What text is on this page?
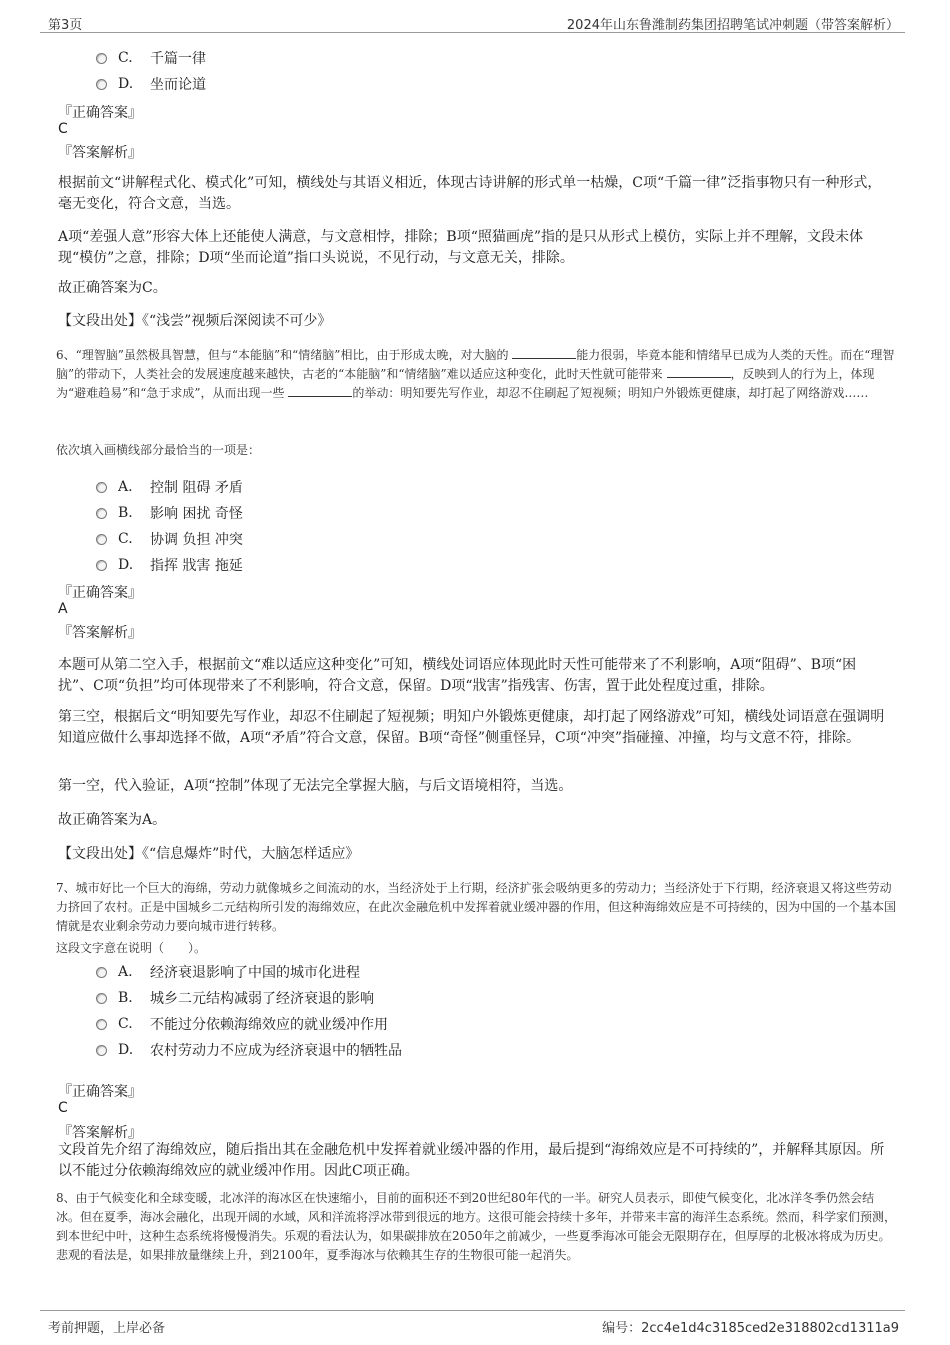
第3页	2024年山东鲁潍制药集团招聘笔试冲刺题（带答案解析）
C.	千篇一律
D.	坐而论道
『正确答案』
C
『答案解析』
根据前文“讲解程式化、模式化”可知，横线处与其语义相近，体现古诗讲解的形式单一枯燥，C项“千篇一律”泛指事物只有一种形式，毫无变化，符合文意，当选。
A项“差强人意”形容大体上还能使人满意，与文意相悖，排除；B项“照猫画虎”指的是只从形式上模仿，实际上并不理解，文段未体现“模仿”之意，排除；D项“坐而论道”指口头说说，不见行动，与文意无关，排除。
故正确答案为C。
【文段出处】《“浅尝”视频后深阅读不可少》
6、“理智脑”虽然极具智慧，但与“本能脑”和“情绪脑”相比，由于形成太晚，对大脑的	能力很弱，毕竟本能和情绪早已成为人类的天性。而在“理智脑”的带动下，人类社会的发展速度越来越快，古老的“本能脑”和“情绪脑”难以适应这种变化，此时天性就可能带来	，反映到人的行为上，体现为“避难趋易”和“急于求成”，从而出现一些	的举动：明知要先写作业，却忍不住刷起了短视频；明知户外锻炼更健康，却打起了网络游戏……
依次填入画横线部分最恰当的一项是：
A.	控制 阻碍 矛盾
B.	影响 困扰 奇怪
C.	协调 负担 冲突
D.	指挥 戕害 拖延
『正确答案』
A
『答案解析』
本题可从第二空入手，根据前文“难以适应这种变化”可知，横线处词语应体现此时天性可能带来了不利影响，A项“阻碍”、B项“困扰”、C项“负担”均可体现带来了不利影响，符合文意，保留。D项“戕害”指残害、伤害，置于此处程度过重，排除。
第三空，根据后文“明知要先写作业，却忍不住刷起了短视频；明知户外锻炼更健康，却打起了网络游戏”可知，横线处词语意在强调明知道应做什么事却选择不做，A项“矛盾”符合文意，保留。B项“奇怪”侧重怪异，C项“冲突”指碰撞、冲撞，均与文意不符，排除。
第一空，代入验证，A项“控制”体现了无法完全掌握大脑，与后文语境相符，当选。
故正确答案为A。
【文段出处】《“信息爆炸”时代，大脑怎样适应》
7、城市好比一个巨大的海绵，劳动力就像城乡之间流动的水，当经济处于上行期，经济扩张会吸纳更多的劳动力；当经济处于下行期，经济衰退又将这些劳动力挤回了农村。正是中国城乡二元结构所引发的海绵效应，在此次金融危机中发挥着就业缓冲器的作用，但这种海绵效应是不可持续的，因为中国的一个基本国情就是农业剩余劳动力要向城市进行转移。
这段文字意在说明（　　）。
A.	经济衰退影响了中国的城市化进程
B.	城乡二元结构减弱了经济衰退的影响
C.	不能过分依赖海绵效应的就业缓冲作用
D.	农村劳动力不应成为经济衰退中的牺牲品
『正确答案』
C
『答案解析』
文段首先介绍了海绵效应，随后指出其在金融危机中发挥着就业缓冲器的作用，最后提到“海绵效应是不可持续的”，并解释其原因。所以不能过分依赖海绵效应的就业缓冲作用。因此C项正确。
8、由于气候变化和全球变暖，北冰洋的海冰区在快速缩小，目前的面积还不到20世纪80年代的一半。研究人员表示，即使气候变化，北冰洋冬季仍然会结冰。但在夏季，海冰会融化，出现开阔的水域，风和洋流将浮冰带到很远的地方。这很可能会持续十多年，并带来丰富的海洋生态系统。然而，科学家们预测，到本世纪中叶，这种生态系统将慢慢消失。乐观的看法认为，如果碳排放在2050年之前减少，一些夏季海冰可能会无限期存在，但厚厚的北极冰将成为历史。悲观的看法是，如果排放量继续上升，到2100年，夏季海冰与依赖其生存的生物很可能一起消失。
考前押题，上岸必备	编号：2cc4e1d4c3185ced2e318802cd1311a9
